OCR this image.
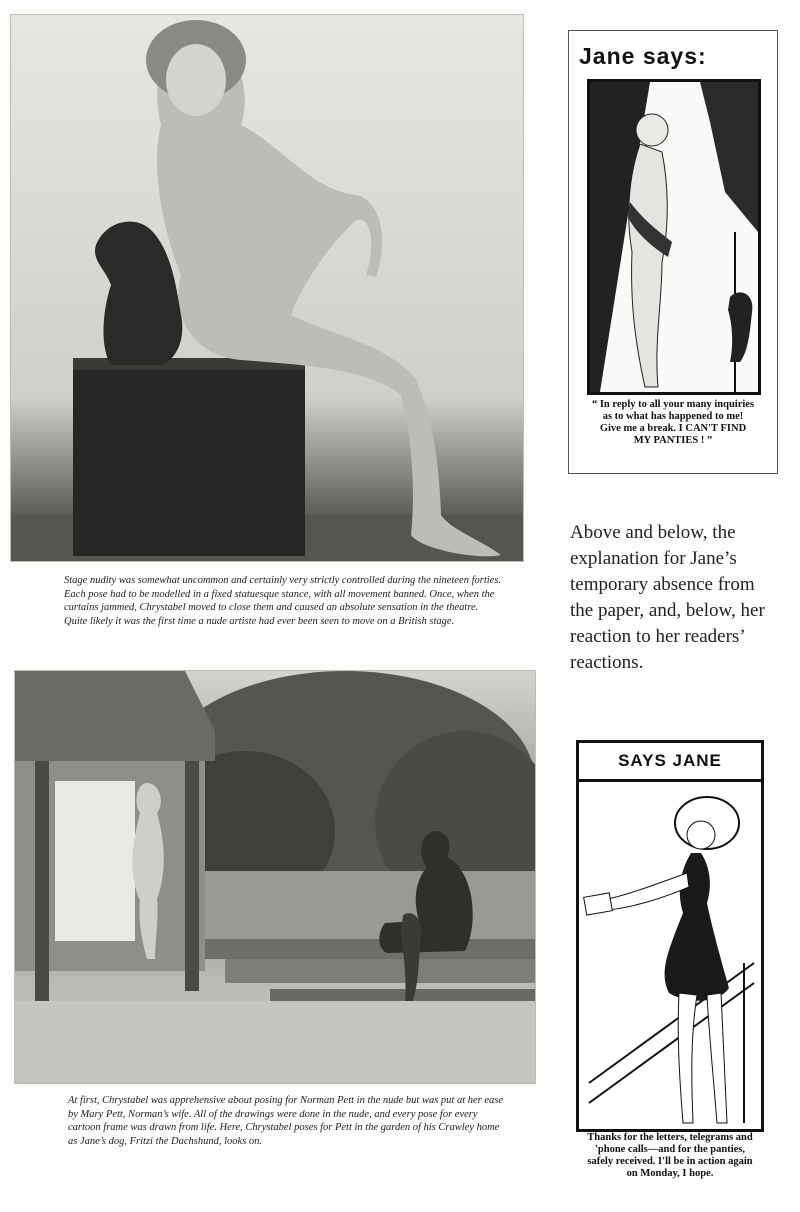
Stage nudity was somewhat uncommon and certainly very strictly controlled during the nineteen forties. Each pose had to be modelled in a fixed statuesque stance, with all movement banned. Once, when the curtains jammed, Chrystabel moved to close them and caused an absolute sensation in the theatre. Quite likely it was the first time a nude artiste had ever been seen to move on a British stage.

Jane says:

“ In reply to all your many inquiries as to what has happened to me! Give me a break. I CAN'T FIND MY PANTIES ! ”

Above and below, the explanation for Jane’s temporary absence from the paper, and, below, her reaction to her readers’ reactions.

At first, Chrystabel was apprehensive about posing for Norman Pett in the nude but was put at her ease by Mary Pett, Norman’s wife. All of the drawings were done in the nude, and every pose for every cartoon frame was drawn from life. Here, Chrystabel poses for Pett in the garden of his Crawley home as Jane’s dog, Fritzi the Dachshund, looks on.

SAYS JANE

Thanks for the letters, telegrams and 'phone calls—and for the panties, safely received. I'll be in action again on Monday, I hope.
